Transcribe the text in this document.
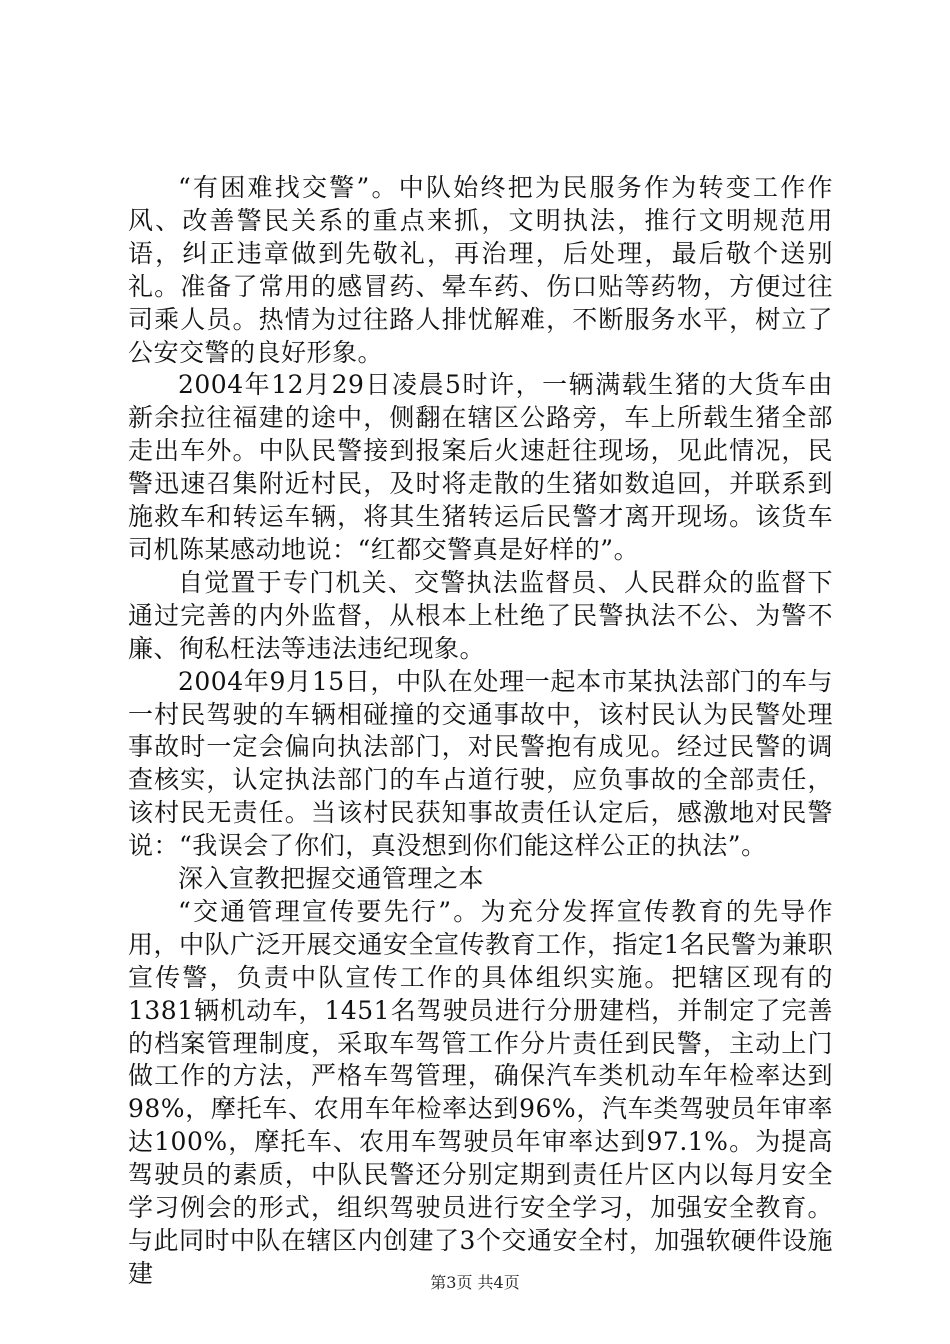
“有困难找交警”。中队始终把为民服务作为转变工作作风、改善警民关系的重点来抓，文明执法，推行文明规范用语，纠正违章做到先敬礼，再治理，后处理，最后敬个送别礼。准备了常用的感冒药、晕车药、伤口贴等药物，方便过往司乘人员。热情为过往路人排忧解难，不断服务水平，树立了公安交警的良好形象。

2004年12月29日凌晨5时许，一辆满载生猪的大货车由新余拉往福建的途中，侧翻在辖区公路旁，车上所载生猪全部走出车外。中队民警接到报案后火速赶往现场，见此情况，民警迅速召集附近村民，及时将走散的生猪如数追回，并联系到施救车和转运车辆，将其生猪转运后民警才离开现场。该货车司机陈某感动地说：“红都交警真是好样的”。

自觉置于专门机关、交警执法监督员、人民群众的监督下通过完善的内外监督，从根本上杜绝了民警执法不公、为警不廉、徇私枉法等违法违纪现象。

2004年9月15日，中队在处理一起本市某执法部门的车与一村民驾驶的车辆相碰撞的交通事故中，该村民认为民警处理事故时一定会偏向执法部门，对民警抱有成见。经过民警的调查核实，认定执法部门的车占道行驶，应负事故的全部责任，该村民无责任。当该村民获知事故责任认定后，感激地对民警说：“我误会了你们，真没想到你们能这样公正的执法”。

深入宣教把握交通管理之本

“交通管理宣传要先行”。为充分发挥宣传教育的先导作用，中队广泛开展交通安全宣传教育工作，指定1名民警为兼职宣传警，负责中队宣传工作的具体组织实施。把辖区现有的1381辆机动车，1451名驾驶员进行分册建档，并制定了完善的档案管理制度，采取车驾管工作分片责任到民警，主动上门做工作的方法，严格车驾管理，确保汽车类机动车年检率达到98%，摩托车、农用车年检率达到96%，汽车类驾驶员年审率达100%，摩托车、农用车驾驶员年审率达到97.1%。为提高驾驶员的素质，中队民警还分别定期到责任片区内以每月安全学习例会的形式，组织驾驶员进行安全学习，加强安全教育。与此同时中队在辖区内创建了3个交通安全村，加强软硬件设施建	第3页 共4页
